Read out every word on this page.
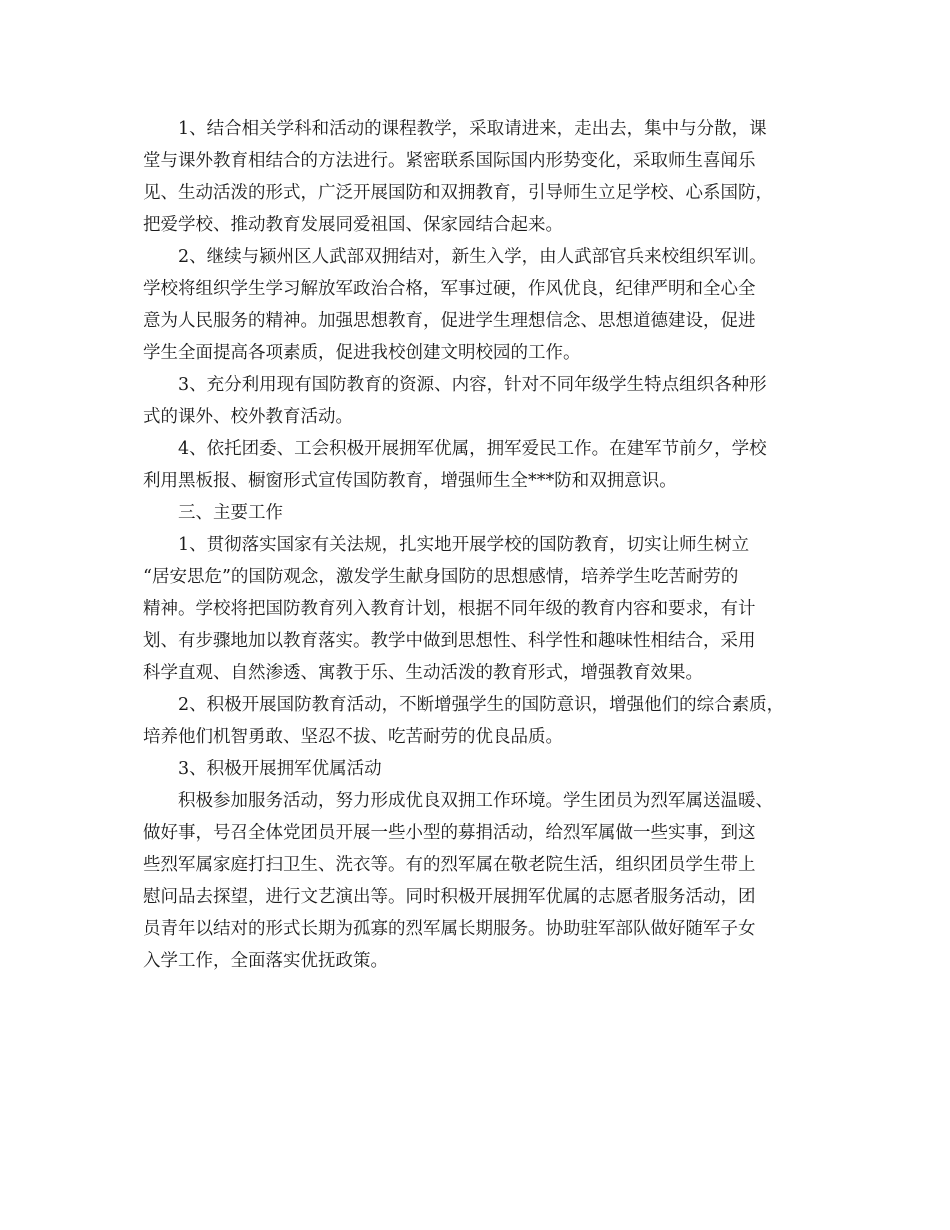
1、结合相关学科和活动的课程教学，采取请进来，走出去，集中与分散，课
堂与课外教育相结合的方法进行。紧密联系国际国内形势变化，采取师生喜闻乐
见、生动活泼的形式，广泛开展国防和双拥教育，引导师生立足学校、心系国防，
把爱学校、推动教育发展同爱祖国、保家园结合起来。
2、继续与颍州区人武部双拥结对，新生入学，由人武部官兵来校组织军训。
学校将组织学生学习解放军政治合格，军事过硬，作风优良，纪律严明和全心全
意为人民服务的精神。加强思想教育，促进学生理想信念、思想道德建设，促进
学生全面提高各项素质，促进我校创建文明校园的工作。
3、充分利用现有国防教育的资源、内容，针对不同年级学生特点组织各种形
式的课外、校外教育活动。
4、依托团委、工会积极开展拥军优属，拥军爱民工作。在建军节前夕，学校
利用黑板报、橱窗形式宣传国防教育，增强师生全***防和双拥意识。
三、主要工作
1、贯彻落实国家有关法规，扎实地开展学校的国防教育，切实让师生树立
“居安思危”的国防观念，激发学生献身国防的思想感情，培养学生吃苦耐劳的
精神。学校将把国防教育列入教育计划，根据不同年级的教育内容和要求，有计
划、有步骤地加以教育落实。教学中做到思想性、科学性和趣味性相结合，采用
科学直观、自然渗透、寓教于乐、生动活泼的教育形式，增强教育效果。
2、积极开展国防教育活动，不断增强学生的国防意识，增强他们的综合素质，
培养他们机智勇敢、坚忍不拔、吃苦耐劳的优良品质。
3、积极开展拥军优属活动
积极参加服务活动，努力形成优良双拥工作环境。学生团员为烈军属送温暖、
做好事，号召全体党团员开展一些小型的募捐活动，给烈军属做一些实事，到这
些烈军属家庭打扫卫生、洗衣等。有的烈军属在敬老院生活，组织团员学生带上
慰问品去探望，进行文艺演出等。同时积极开展拥军优属的志愿者服务活动，团
员青年以结对的形式长期为孤寡的烈军属长期服务。协助驻军部队做好随军子女
入学工作，全面落实优抚政策。
